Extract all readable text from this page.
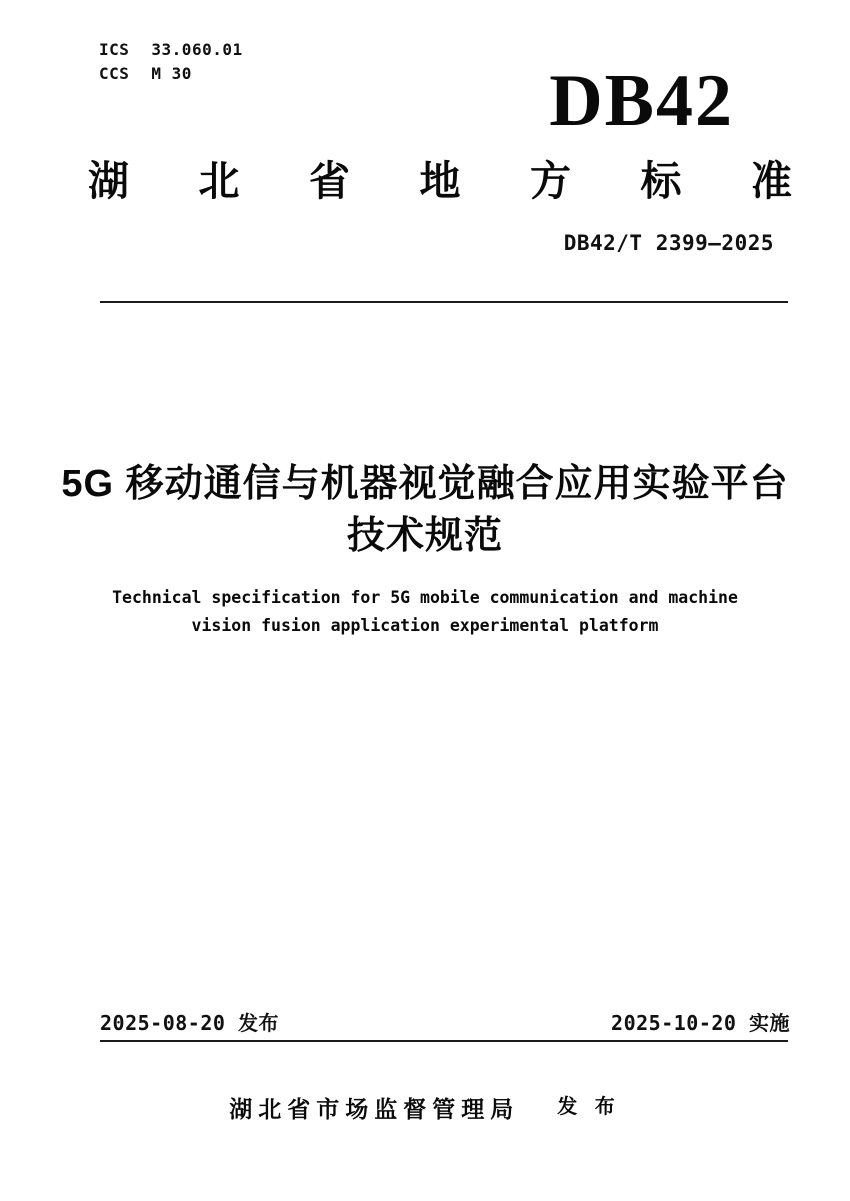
ICS 33.060.01
CCS M 30	DB42
湖 北 省 地 方 标 准
DB42/T 2399—2025
5G 移动通信与机器视觉融合应用实验平台
技术规范
Technical specification for 5G mobile communication and machine
vision fusion application experimental platform
2025-08-20 发布	2025-10-20 实施
湖北省市场监督管理局 发 布
